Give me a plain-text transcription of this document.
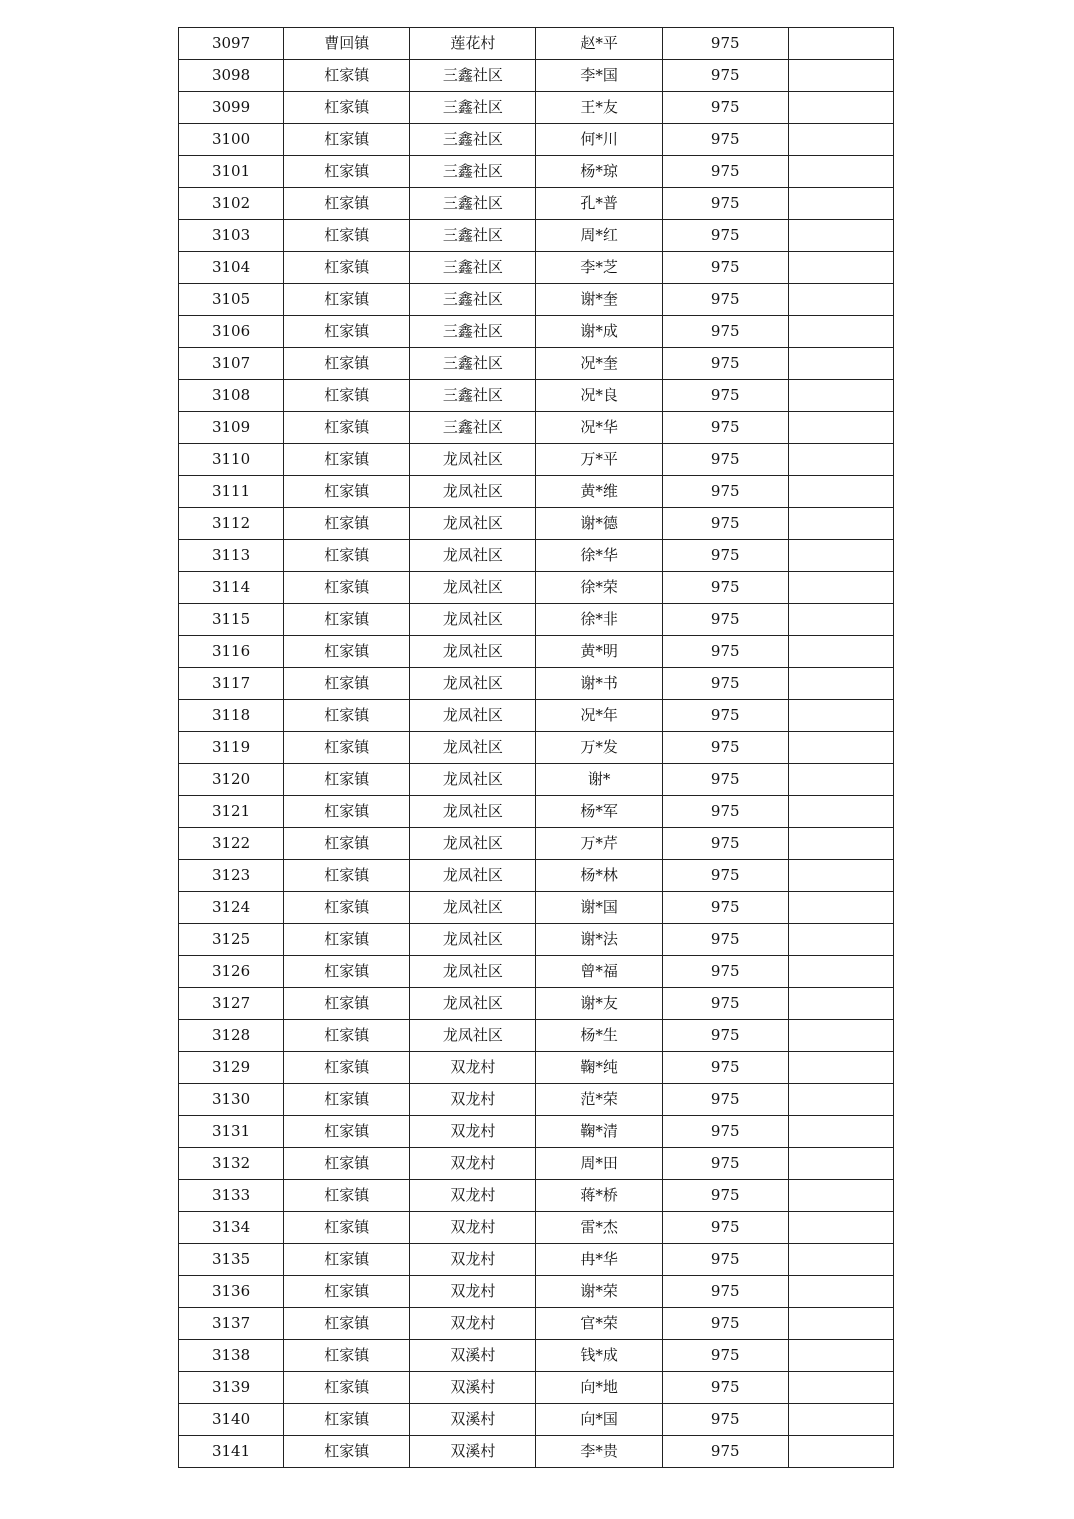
3097	曹回镇	莲花村	赵*平	975	
3098	杠家镇	三鑫社区	李*国	975	
3099	杠家镇	三鑫社区	王*友	975	
3100	杠家镇	三鑫社区	何*川	975	
3101	杠家镇	三鑫社区	杨*琼	975	
3102	杠家镇	三鑫社区	孔*普	975	
3103	杠家镇	三鑫社区	周*红	975	
3104	杠家镇	三鑫社区	李*芝	975	
3105	杠家镇	三鑫社区	谢*奎	975	
3106	杠家镇	三鑫社区	谢*成	975	
3107	杠家镇	三鑫社区	况*奎	975	
3108	杠家镇	三鑫社区	况*良	975	
3109	杠家镇	三鑫社区	况*华	975	
3110	杠家镇	龙凤社区	万*平	975	
3111	杠家镇	龙凤社区	黄*维	975	
3112	杠家镇	龙凤社区	谢*德	975	
3113	杠家镇	龙凤社区	徐*华	975	
3114	杠家镇	龙凤社区	徐*荣	975	
3115	杠家镇	龙凤社区	徐*非	975	
3116	杠家镇	龙凤社区	黄*明	975	
3117	杠家镇	龙凤社区	谢*书	975	
3118	杠家镇	龙凤社区	况*年	975	
3119	杠家镇	龙凤社区	万*发	975	
3120	杠家镇	龙凤社区	谢*	975	
3121	杠家镇	龙凤社区	杨*军	975	
3122	杠家镇	龙凤社区	万*芹	975	
3123	杠家镇	龙凤社区	杨*林	975	
3124	杠家镇	龙凤社区	谢*国	975	
3125	杠家镇	龙凤社区	谢*法	975	
3126	杠家镇	龙凤社区	曾*福	975	
3127	杠家镇	龙凤社区	谢*友	975	
3128	杠家镇	龙凤社区	杨*生	975	
3129	杠家镇	双龙村	鞠*纯	975	
3130	杠家镇	双龙村	范*荣	975	
3131	杠家镇	双龙村	鞠*清	975	
3132	杠家镇	双龙村	周*田	975	
3133	杠家镇	双龙村	蒋*桥	975	
3134	杠家镇	双龙村	雷*杰	975	
3135	杠家镇	双龙村	冉*华	975	
3136	杠家镇	双龙村	谢*荣	975	
3137	杠家镇	双龙村	官*荣	975	
3138	杠家镇	双溪村	钱*成	975	
3139	杠家镇	双溪村	向*地	975	
3140	杠家镇	双溪村	向*国	975	
3141	杠家镇	双溪村	李*贵	975	
